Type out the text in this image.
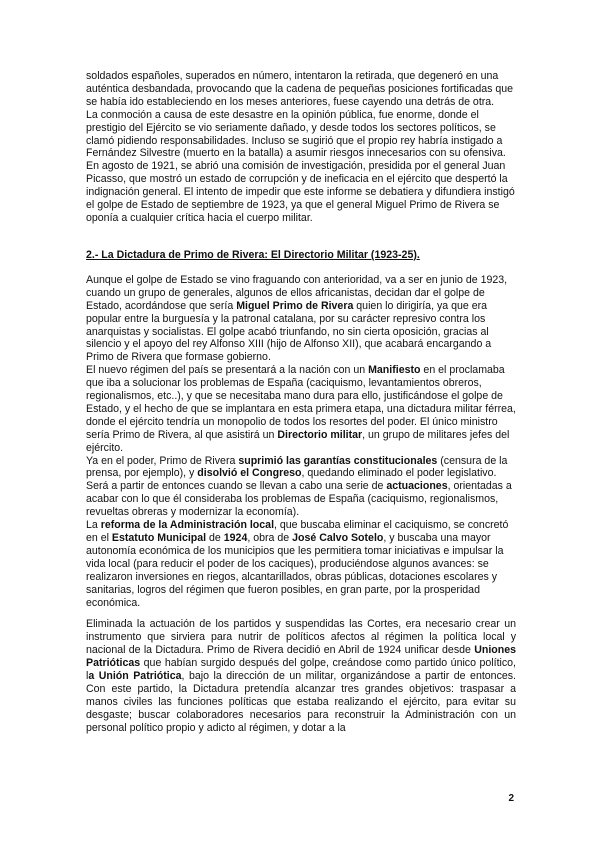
soldados españoles, superados en número, intentaron la retirada, que degeneró en una auténtica desbandada, provocando que la cadena de pequeñas posiciones fortificadas que se había ido estableciendo en los meses anteriores, fuese cayendo una detrás de otra.

La conmoción a causa de este desastre en la opinión pública, fue enorme, donde el prestigio del Ejército se vio seriamente dañado, y desde todos los sectores políticos, se clamó pidiendo responsabilidades. Incluso se sugirió que el propio rey habría instigado a Fernández Silvestre (muerto en la batalla) a asumir riesgos innecesarios con su ofensiva.

En agosto de 1921, se abrió una comisión de investigación, presidida por el general Juan Picasso, que mostró un estado de corrupción y de ineficacia en el ejército que despertó la indignación general. El intento de impedir que este informe se debatiera y difundiera instigó el golpe de Estado de septiembre de 1923, ya que el general Miguel Primo de Rivera se oponía a cualquier crítica hacia el cuerpo militar.

2.- La Dictadura de Primo de Rivera: El Directorio Militar (1923-25).

Aunque el golpe de Estado se vino fraguando con anterioridad, va a ser en junio de 1923, cuando un grupo de generales, algunos de ellos africanistas, decidan dar el golpe de Estado, acordándose que sería Miguel Primo de Rivera quien lo dirigiría, ya que era popular entre la burguesía y la patronal catalana, por su carácter represivo contra los anarquistas y socialistas. El golpe acabó triunfando, no sin cierta oposición, gracias al silencio y el apoyo del rey Alfonso XIII (hijo de Alfonso XII), que acabará encargando a Primo de Rivera que formase gobierno.

El nuevo régimen del país se presentará a la nación con un Manifiesto en el proclamaba que iba a solucionar los problemas de España (caciquismo, levantamientos obreros, regionalismos, etc..), y que se necesitaba mano dura para ello, justificándose el golpe de Estado, y el hecho de que se implantara en esta primera etapa, una dictadura militar férrea, donde el ejército tendría un monopolio de todos los resortes del poder. El único ministro sería Primo de Rivera, al que asistirá un Directorio militar, un grupo de militares jefes del ejército.

Ya en el poder, Primo de Rivera suprimió las garantías constitucionales (censura de la prensa, por ejemplo), y disolvió el Congreso, quedando eliminado el poder legislativo.

Será a partir de entonces cuando se llevan a cabo una serie de actuaciones, orientadas a acabar con lo que él consideraba los problemas de España (caciquismo, regionalismos, revueltas obreras y modernizar la economía).

La reforma de la Administración local, que buscaba eliminar el caciquismo, se concretó en el Estatuto Municipal de 1924, obra de José Calvo Sotelo, y buscaba una mayor autonomía económica de los municipios que les permitiera tomar iniciativas e impulsar la vida local (para reducir el poder de los caciques), produciéndose algunos avances: se realizaron inversiones en riegos, alcantarillados, obras públicas, dotaciones escolares y sanitarias, logros del régimen que fueron posibles, en gran parte, por la prosperidad económica.

Eliminada la actuación de los partidos y suspendidas las Cortes, era necesario crear un instrumento que sirviera para nutrir de políticos afectos al régimen la política local y nacional de la Dictadura. Primo de Rivera decidió en Abril de 1924 unificar desde Uniones Patrióticas que habían surgido después del golpe, creándose como partido único político, la Unión Patriótica, bajo la dirección de un militar, organizándose a partir de entonces. Con este partido, la Dictadura pretendía alcanzar tres grandes objetivos: traspasar a manos civiles las funciones políticas que estaba realizando el ejército, para evitar su desgaste; buscar colaboradores necesarios para reconstruir la Administración con un personal político propio y adicto al régimen, y dotar a la

2
